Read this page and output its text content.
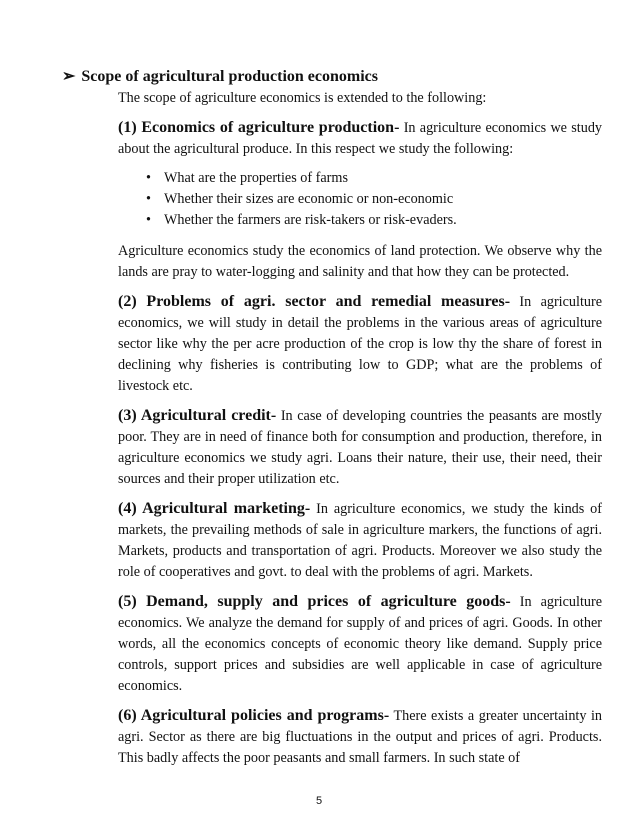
➢ Scope of agricultural production economics

The scope of agriculture economics is extended to the following:

(1) Economics of agriculture production- In agriculture economics we study about the agricultural produce. In this respect we study the following:

• What are the properties of farms
• Whether their sizes are economic or non-economic
• Whether the farmers are risk-takers or risk-evaders.

Agriculture economics study the economics of land protection. We observe why the lands are pray to water-logging and salinity and that how they can be protected.

(2) Problems of agri. sector and remedial measures- In agriculture economics, we will study in detail the problems in the various areas of agriculture sector like why the per acre production of the crop is low thy the share of forest in declining why fisheries is contributing low to GDP; what are the problems of livestock etc.

(3) Agricultural credit- In case of developing countries the peasants are mostly poor. They are in need of finance both for consumption and production, therefore, in agriculture economics we study agri. Loans their nature, their use, their need, their sources and their proper utilization etc.

(4) Agricultural marketing- In agriculture economics, we study the kinds of markets, the prevailing methods of sale in agriculture markers, the functions of agri. Markets, products and transportation of agri. Products. Moreover we also study the role of cooperatives and govt. to deal with the problems of agri. Markets.

(5) Demand, supply and prices of agriculture goods- In agriculture economics. We analyze the demand for supply of and prices of agri. Goods. In other words, all the economics concepts of economic theory like demand. Supply price controls, support prices and subsidies are well applicable in case of agriculture economics.

(6) Agricultural policies and programs- There exists a greater uncertainty in agri. Sector as there are big fluctuations in the output and prices of agri. Products. This badly affects the poor peasants and small farmers. In such state of

5
